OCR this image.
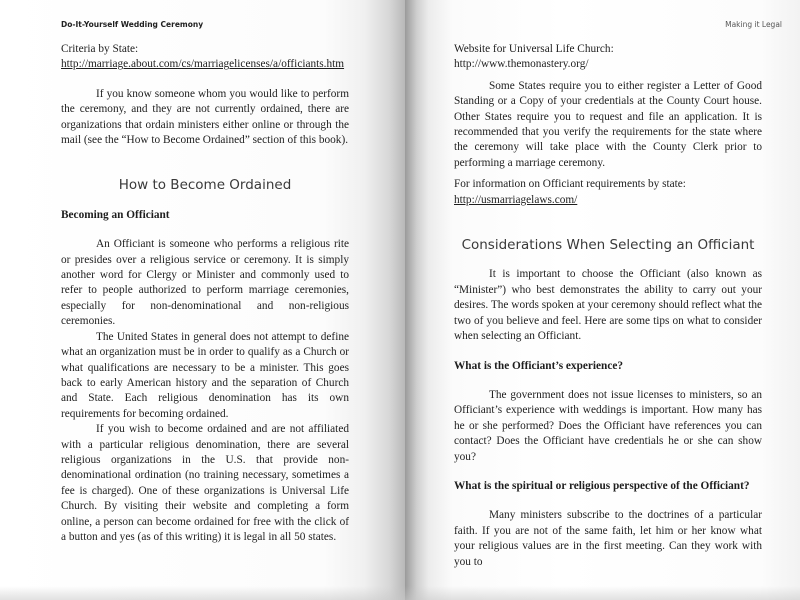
Do-It-Yourself Wedding Ceremony

Criteria by State:

http://marriage.about.com/cs/marriagelicenses/a/officiants.htm

If you know someone whom you would like to perform the ceremony, and they are not currently ordained, there are organizations that ordain ministers either online or through the mail (see the “How to Become Ordained” section of this book).

How to Become Ordained
Becoming an Officiant

An Officiant is someone who performs a religious rite or presides over a religious service or ceremony. It is simply another word for Clergy or Minister and commonly used to refer to people authorized to perform marriage ceremonies, especially for non-denominational and non-religious ceremonies.

The United States in general does not attempt to define what an organization must be in order to qualify as a Church or what qualifications are necessary to be a minister. This goes back to early American history and the separation of Church and State. Each religious denomination has its own requirements for becoming ordained.

If you wish to become ordained and are not affiliated with a particular religious denomination, there are several religious organizations in the U.S. that provide non-denominational ordination (no training necessary, sometimes a fee is charged). One of these organizations is Universal Life Church. By visiting their website and completing a form online, a person can become ordained for free with the click of a button and yes (as of this writing) it is legal in all 50 states.

Making it Legal

Website for Universal Life Church:

http://www.themonastery.org/

Some States require you to either register a Letter of Good Standing or a Copy of your credentials at the County Court house. Other States require you to request and file an application. It is recommended that you verify the requirements for the state where the ceremony will take place with the County Clerk prior to performing a marriage ceremony.

For information on Officiant requirements by state:

http://usmarriagelaws.com/

Considerations When Selecting an Officiant

It is important to choose the Officiant (also known as “Minister”) who best demonstrates the ability to carry out your desires. The words spoken at your ceremony should reflect what the two of you believe and feel. Here are some tips on what to consider when selecting an Officiant.

What is the Officiant’s experience?

The government does not issue licenses to ministers, so an Officiant’s experience with weddings is important. How many has he or she performed? Does the Officiant have references you can contact? Does the Officiant have credentials he or she can show you?

What is the spiritual or religious perspective of the Officiant?

Many ministers subscribe to the doctrines of a particular faith. If you are not of the same faith, let him or her know what your religious values are in the first meeting. Can they work with you to
